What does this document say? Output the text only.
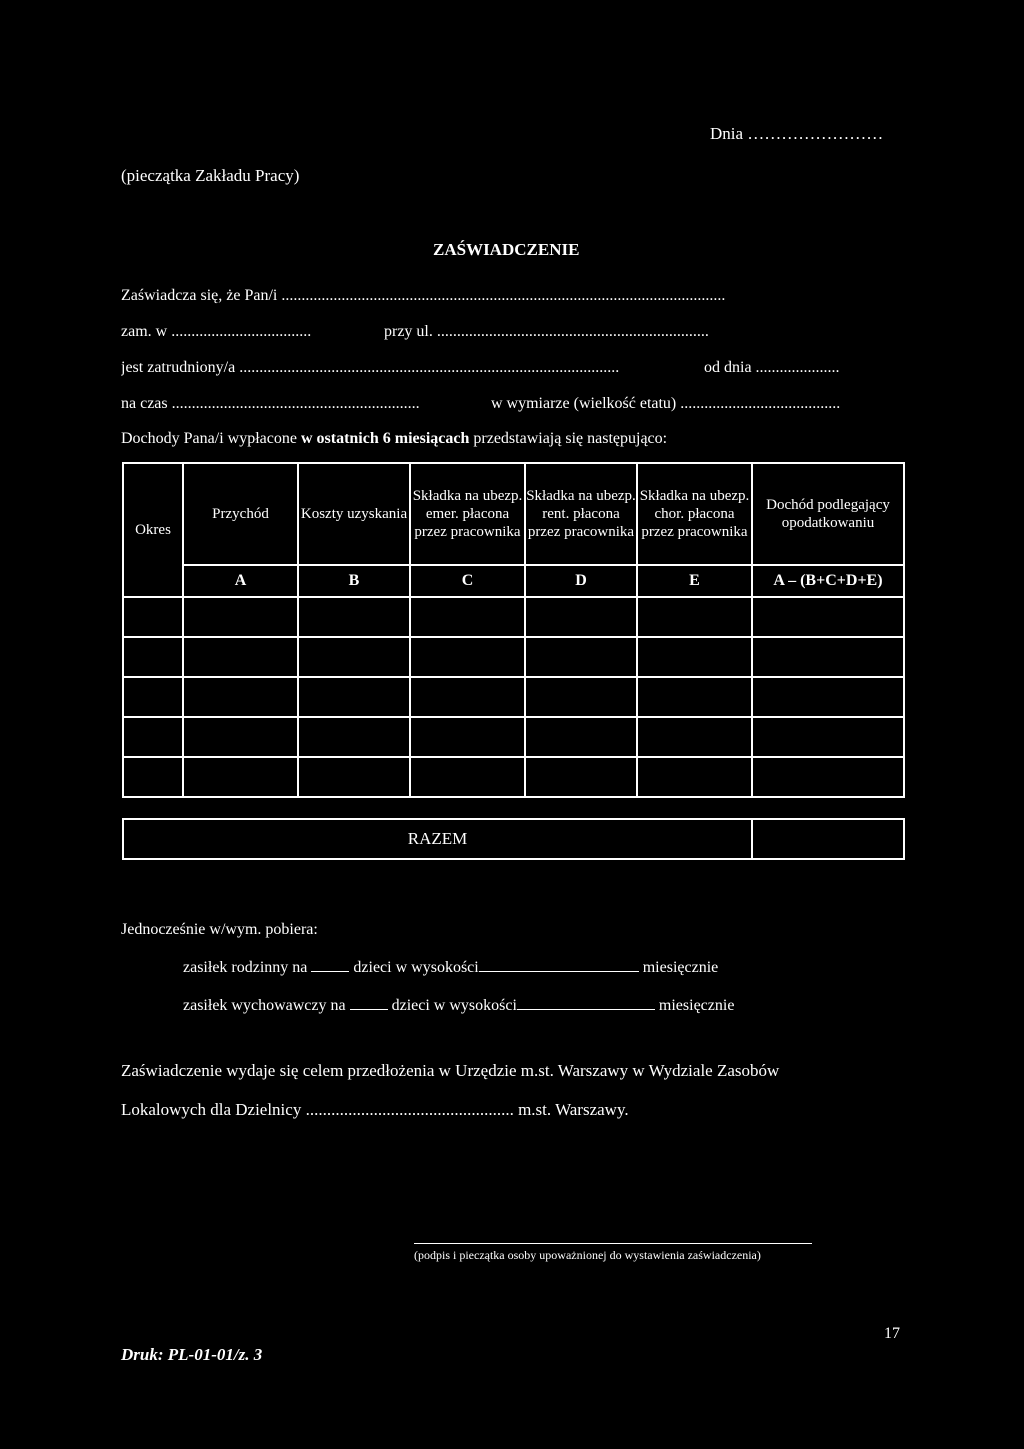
Dnia ……………………
(pieczątka Zakładu Pracy)
ZAŚWIADCZENIE
Zaświadcza się, że Pan/i ...............................................................................................................
zam. w ...................................	przy ul. ....................................................................
jest zatrudniony/a ...............................................................................................	od dnia .....................
na czas ..............................................................	w wymiarze (wielkość etatu) ........................................
Dochody Pana/i wypłacone w ostatnich 6 miesiącach przedstawiają się następująco:
Okres	Przychód	Koszty uzyskania	Składka na ubezp. emer. płacona przez pracownika	Składka na ubezp. rent. płacona przez pracownika	Składka na ubezp. chor. płacona przez pracownika	Dochód podlegający opodatkowaniu
	A	B	C	D	E	A – (B+C+D+E)

RAZEM						
Jednocześnie w/wym. pobiera:
zasiłek rodzinny na	dzieci w wysokości	miesięcznie
zasiłek wychowawczy na	dzieci w wysokości	miesięcznie
Zaświadczenie wydaje się celem przedłożenia w Urzędzie m.st. Warszawy w Wydziale Zasobów
Lokalowych dla Dzielnicy ................................................. m.st. Warszawy.
(podpis i pieczątka osoby upoważnionej do wystawienia zaświadczenia)
17
Druk: PL-01-01/z. 3
